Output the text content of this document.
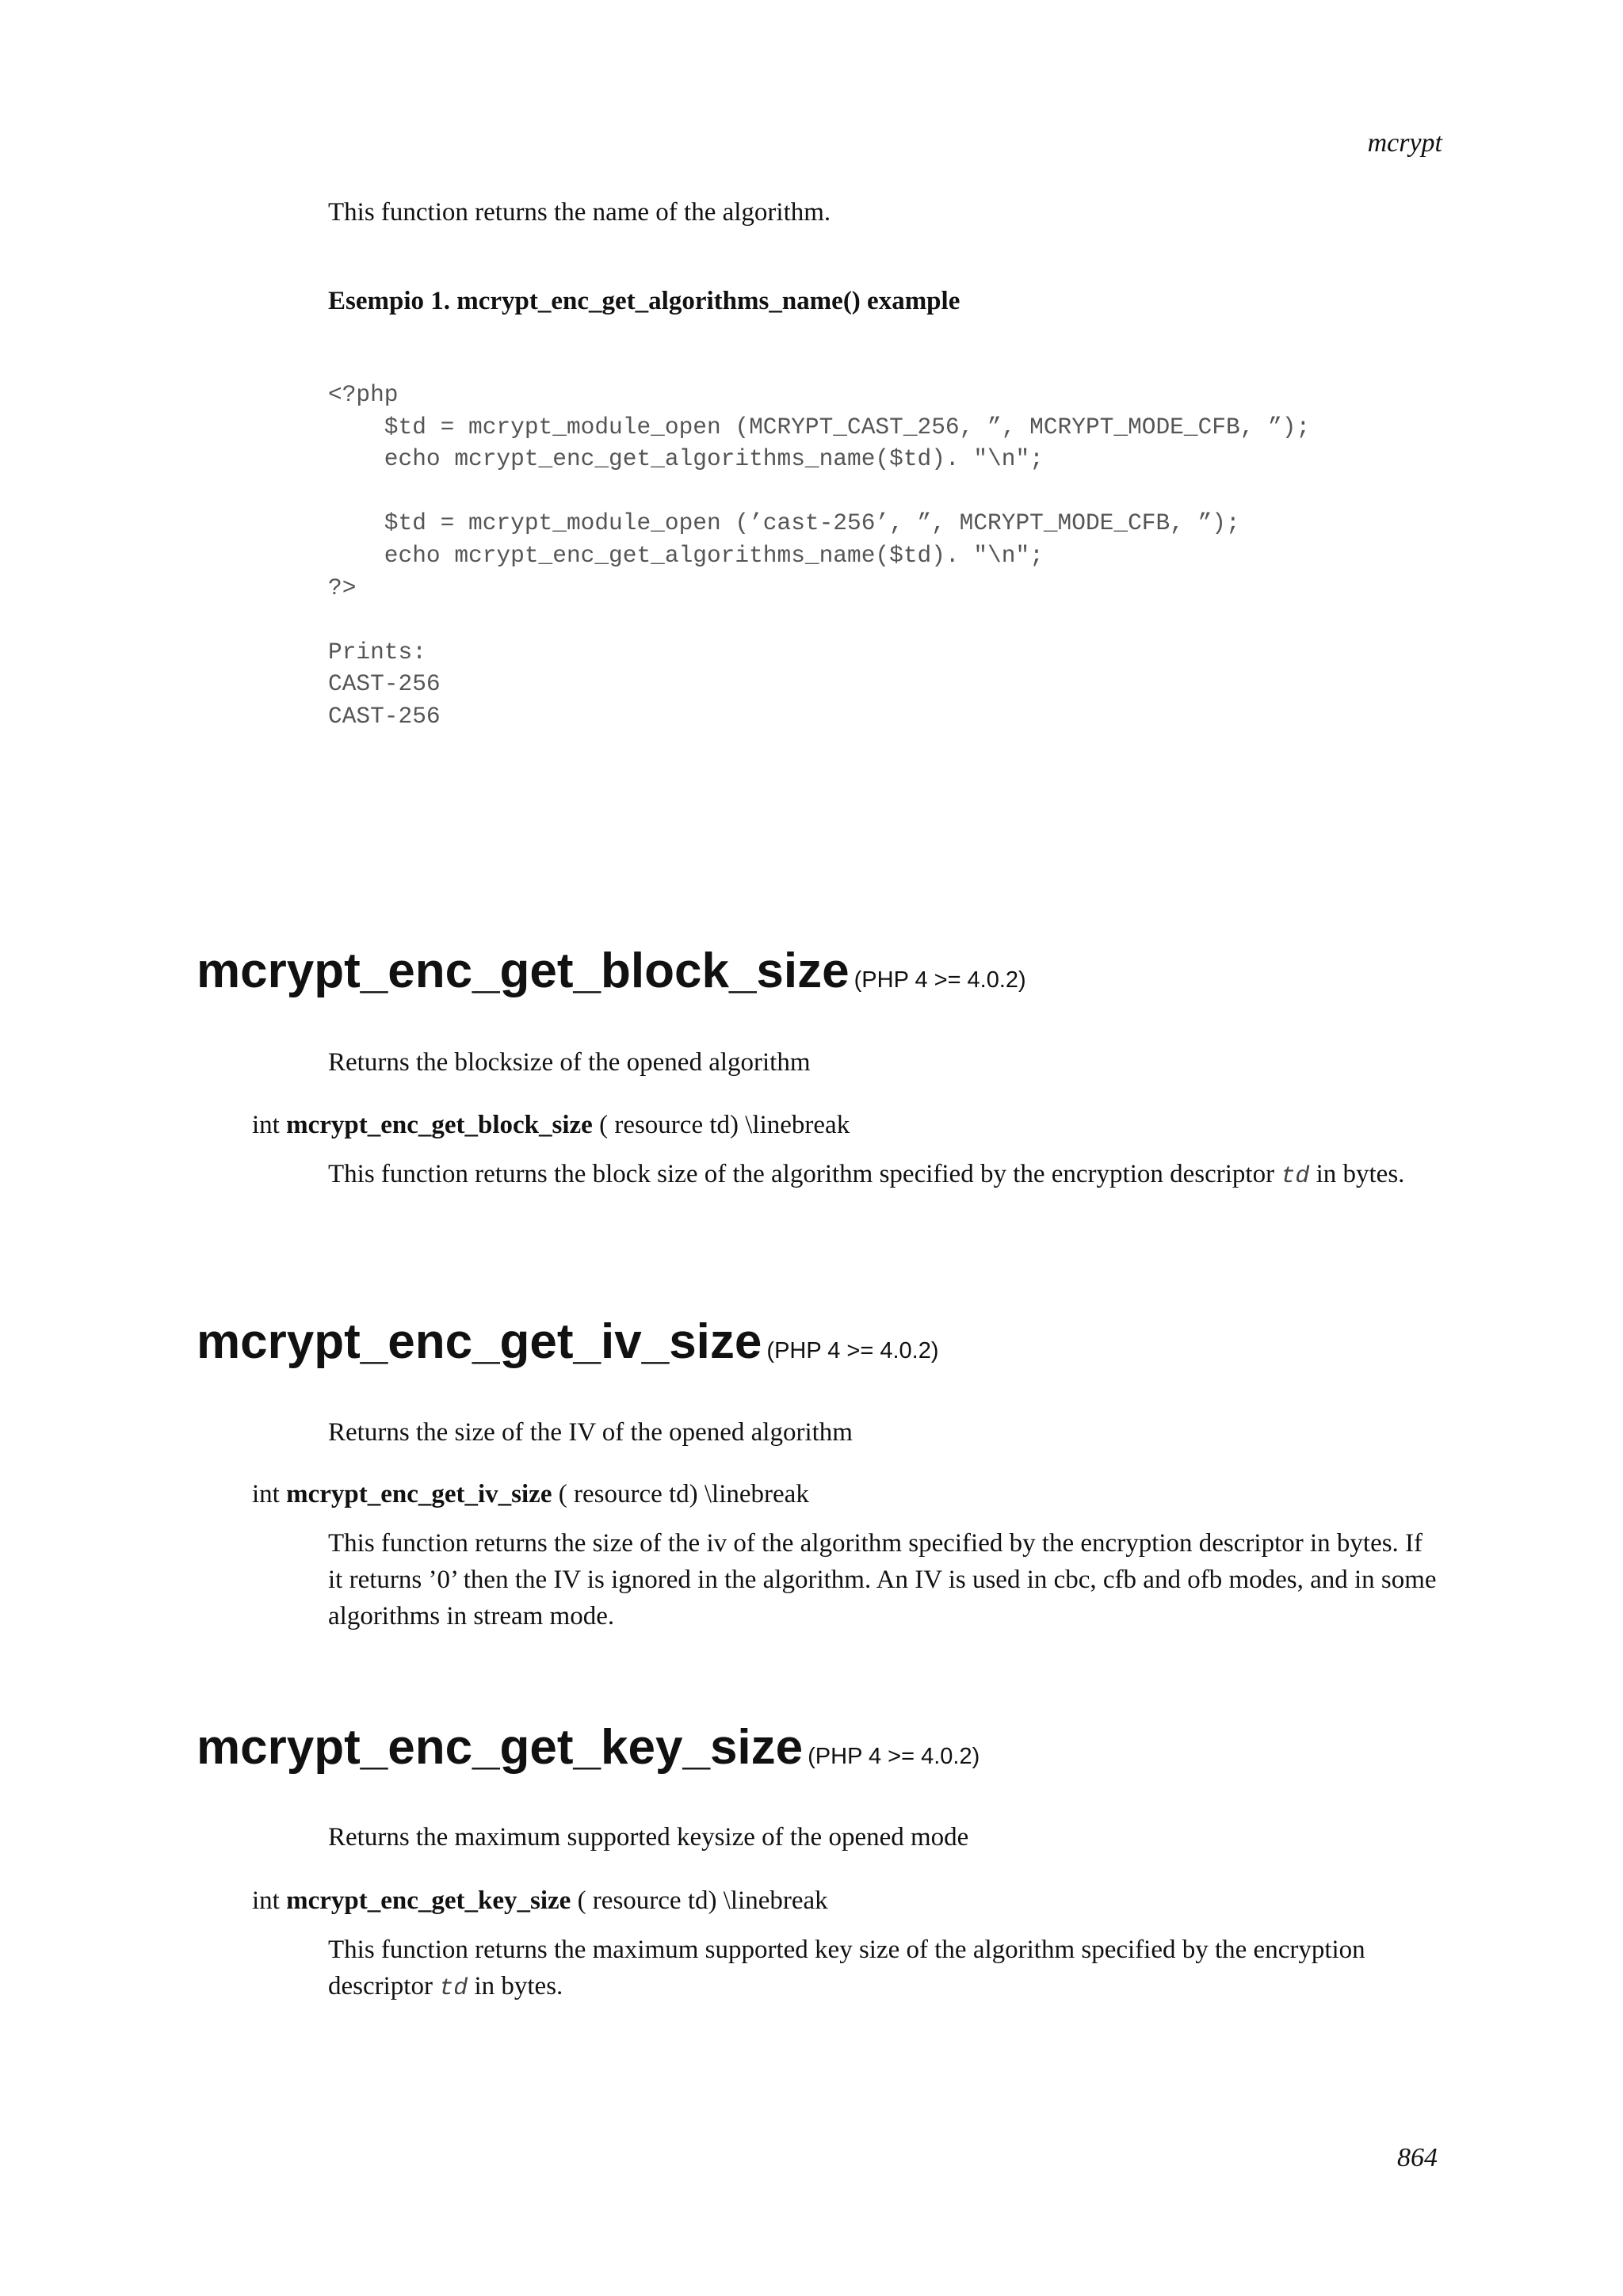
mcrypt
This function returns the name of the algorithm.
Esempio 1. mcrypt_enc_get_algorithms_name() example
<?php
$td = mcrypt_module_open (MCRYPT_CAST_256, ”, MCRYPT_MODE_CFB, ”);
echo mcrypt_enc_get_algorithms_name($td). "\n";

$td = mcrypt_module_open (’cast-256’, ”, MCRYPT_MODE_CFB, ”);
echo mcrypt_enc_get_algorithms_name($td). "\n";
?>

Prints:
CAST-256
CAST-256
mcrypt_enc_get_block_size (PHP 4 >= 4.0.2)
Returns the blocksize of the opened algorithm
int mcrypt_enc_get_block_size ( resource td) \linebreak
This function returns the block size of the algorithm specified by the encryption descriptor td in bytes.
mcrypt_enc_get_iv_size (PHP 4 >= 4.0.2)
Returns the size of the IV of the opened algorithm
int mcrypt_enc_get_iv_size ( resource td) \linebreak
This function returns the size of the iv of the algorithm specified by the encryption descriptor in bytes. If it returns ’0’ then the IV is ignored in the algorithm. An IV is used in cbc, cfb and ofb modes, and in some algorithms in stream mode.
mcrypt_enc_get_key_size (PHP 4 >= 4.0.2)
Returns the maximum supported keysize of the opened mode
int mcrypt_enc_get_key_size ( resource td) \linebreak
This function returns the maximum supported key size of the algorithm specified by the encryption descriptor td in bytes.
864
